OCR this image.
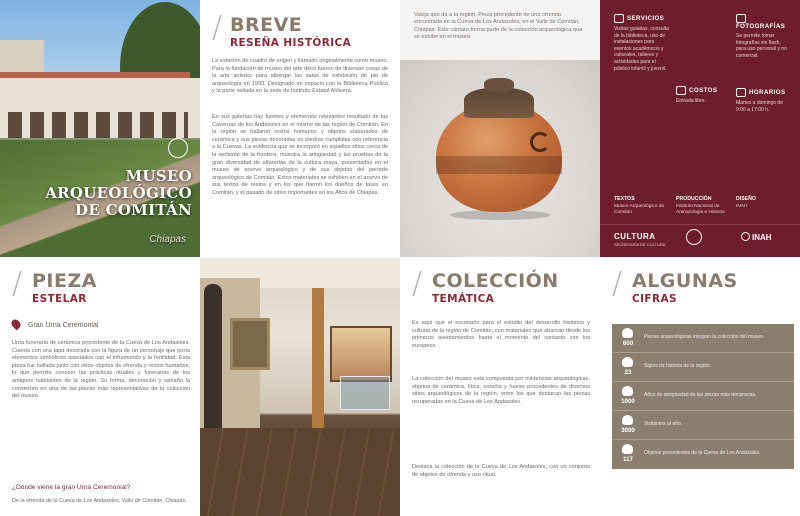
MUSEO
ARQUEOLÓGICO
DE COMITÁN
Chiapas
/ BREVE
RESEÑA HISTÓRICA
La estación de cuadro de origen y llamado originalmente como museo. Para la fundación de museo del arte déco fueron de diversas cosas de la arte anterior para albergar las salas de exhibición de pie de arqueología en 1993. Designado en espacio con la Biblioteca Pública y la parte sellada en la sede de Instituto Estatal Ahlivera.
En sus galerías hay fuentes y elementos relevantes resultado de las Cavernas de los Andasoles en el mismo de las región de Comitán. En la región se hallaron restos humanos y objetos elaborados de cerámica y sus piezas decoradas en piedras cumplidas con referencia a la Cuevas. La evidencia que se incorporó en aquellos sitios cerca de la vertiente de la frontera, muestra la antigüedad y las pruebas de la gran diversidad de alfarerías de la cultura maya, presentadas en el museo de acervo arqueológico y de sus objetos del período arqueológico de Comitán. Estos materiales se exhiben en el acervo de sus textos de restos y en los que fueron los dueños de fases en Comitán, y el pasado de sitios importantes en los Altos de Chiapas.
Vasija que da a la región. Pieza procedente de una ofrenda encontrada en la Cueva de Los Andasoles, en el Valle de Comitán, Chiapas. Este cántaro forma parte de la colección arqueológica que se exhibe en el museo.
SERVICIOS
Visitas guiadas, consulta de la biblioteca, uso de instalaciones para eventos académicos y culturales, talleres y actividades para el público infantil y juvenil.
COSTOS
Entrada libre.
FOTOGRAFÍAS
Se permite tomar fotografías sin flash, para uso personal y no comercial.
HORARIOS
Martes a domingo de 9:00 a 17:00 h.
TEXTOS
Museo Arqueológico de Comitán
PRODUCCIÓN
Instituto Nacional de Antropología e Historia
DISEÑO
INAH
CULTURA
SECRETARÍA DE CULTURA
INAH
/ PIEZA
ESTELAR
Gran Urna Ceremonial
Urna funeraria de cerámica procedente de la Cueva de Los Andasoles. Cuenta con una tapa decorada con la figura de un personaje que porta elementos simbólicos asociados con el inframundo y la fertilidad. Esta pieza fue hallada junto con otros objetos de ofrenda y restos humanos, lo que permite conocer las prácticas rituales y funerarias de los antiguos habitantes de la región. Su forma, decoración y tamaño la convierten en una de las piezas más representativas de la colección del museo.
¿Dónde viene la gran Urna Ceremonial?
De la ofrenda de la Cueva de Los Andasoles, Valle de Comitán, Chiapas.
/ COLECCIÓN
TEMÁTICA
Es aquí que el escenario para el estudio del desarrollo histórico y cultural de la región de Comitán, con materiales que abarcan desde los primeros asentamientos hasta el momento del contacto con los europeos.
La colección del museo está compuesta por evidencias arqueológicas, objetos de cerámica, lítica, concha y hueso procedentes de diversos sitios arqueológicos de la región, entre los que destacan las piezas recuperadas en la Cueva de Los Andasoles.
Destaca la colección de la Cueva de Los Andasoles, con un conjunto de objetos de ofrenda y uso ritual.
/ ALGUNAS
CIFRAS
600
Piezas arqueológicas integran la colección del museo.
23
Siglos de historia de la región.
1000
Años de antigüedad de las piezas más tempranas.
3000
Visitantes al año.
117
Objetos procedentes de la Cueva de Los Andasoles.
